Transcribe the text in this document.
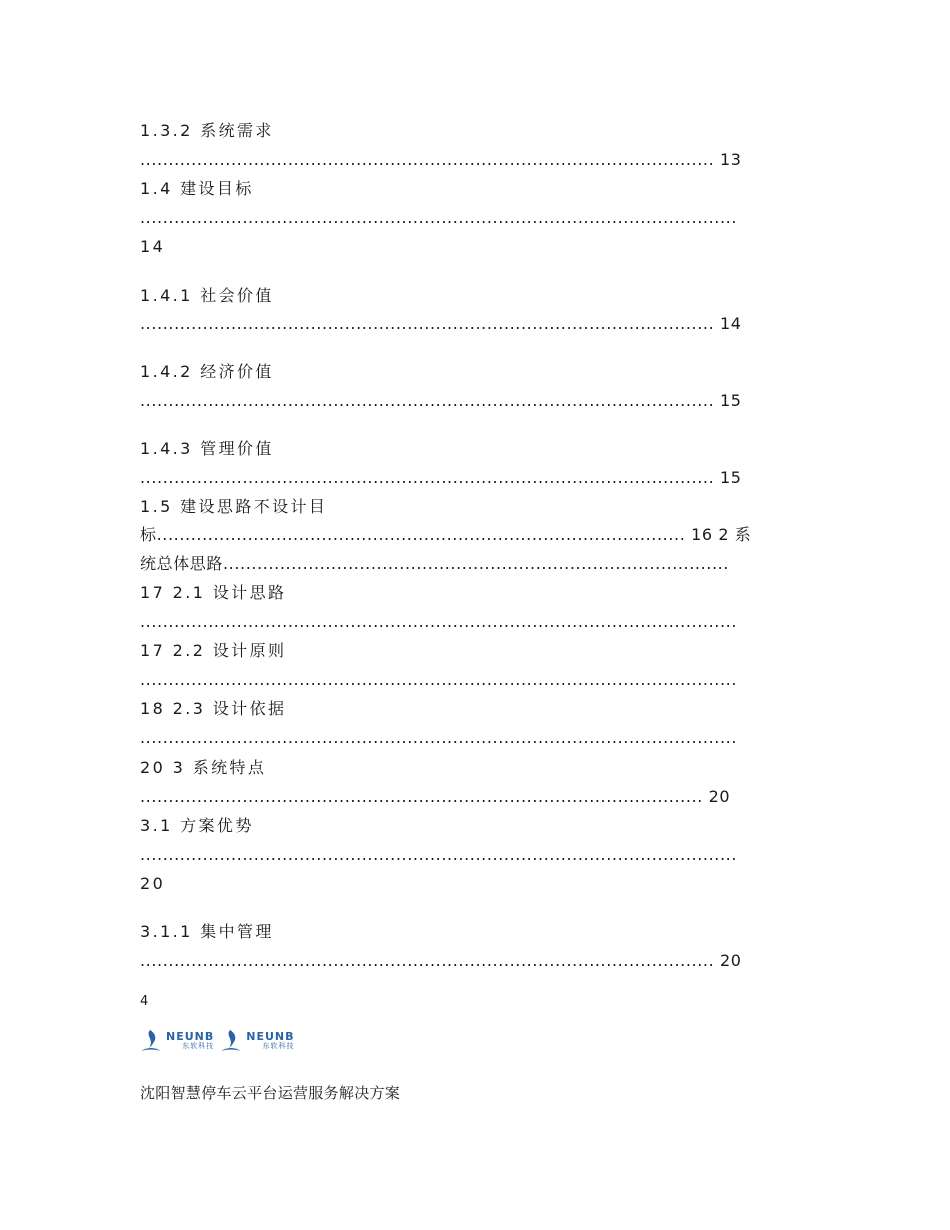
1.3.2 系统需求
..................................................................................................... 13
1.4 建设目标
.........................................................................................................
14
1.4.1 社会价值
..................................................................................................... 14
1.4.2 经济价值
..................................................................................................... 15
1.4.3 管理价值
..................................................................................................... 15
1.5 建设思路不设计目
标............................................................................................. 16 2 系
统总体思路.........................................................................................
17 2.1 设计思路
.........................................................................................................
17 2.2 设计原则
.........................................................................................................
18 2.3 设计依据
.........................................................................................................
20 3 系统特点
................................................................................................... 20
3.1 方案优势
.........................................................................................................
20
3.1.1 集中管理
..................................................................................................... 20
4
NEUNB
东软科技
NEUNB
东软科技
沈阳智慧停车云平台运营服务解决方案
